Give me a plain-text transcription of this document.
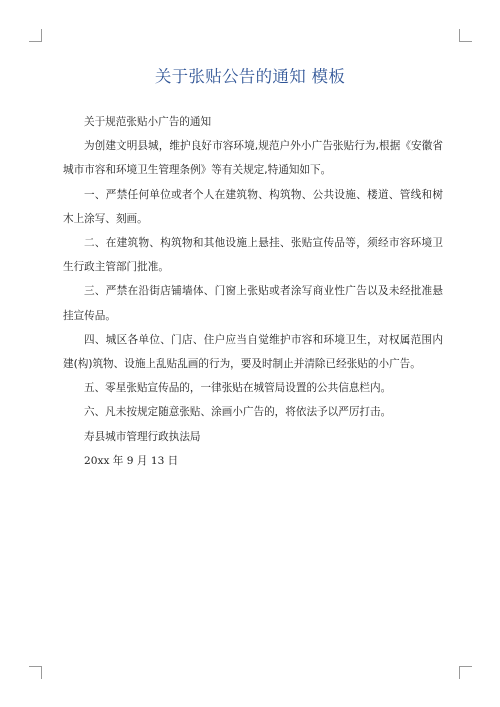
关于张贴公告的通知 模板

关于规范张贴小广告的通知

为创建文明县城，维护良好市容环境,规范户外小广告张贴行为,根据《安徽省城市市容和环境卫生管理条例》等有关规定,特通知如下。

一、严禁任何单位或者个人在建筑物、构筑物、公共设施、楼道、管线和树木上涂写、刻画。

二、在建筑物、构筑物和其他设施上悬挂、张贴宣传品等，须经市容环境卫生行政主管部门批准。

三、严禁在沿街店铺墙体、门窗上张贴或者涂写商业性广告以及未经批准悬挂宣传品。

四、城区各单位、门店、住户应当自觉维护市容和环境卫生，对权属范围内建(构)筑物、设施上乱贴乱画的行为，要及时制止并清除已经张贴的小广告。

五、零星张贴宣传品的，一律张贴在城管局设置的公共信息栏内。

六、凡未按规定随意张贴、涂画小广告的，将依法予以严厉打击。

寿县城市管理行政执法局

20xx 年 9 月 13 日
